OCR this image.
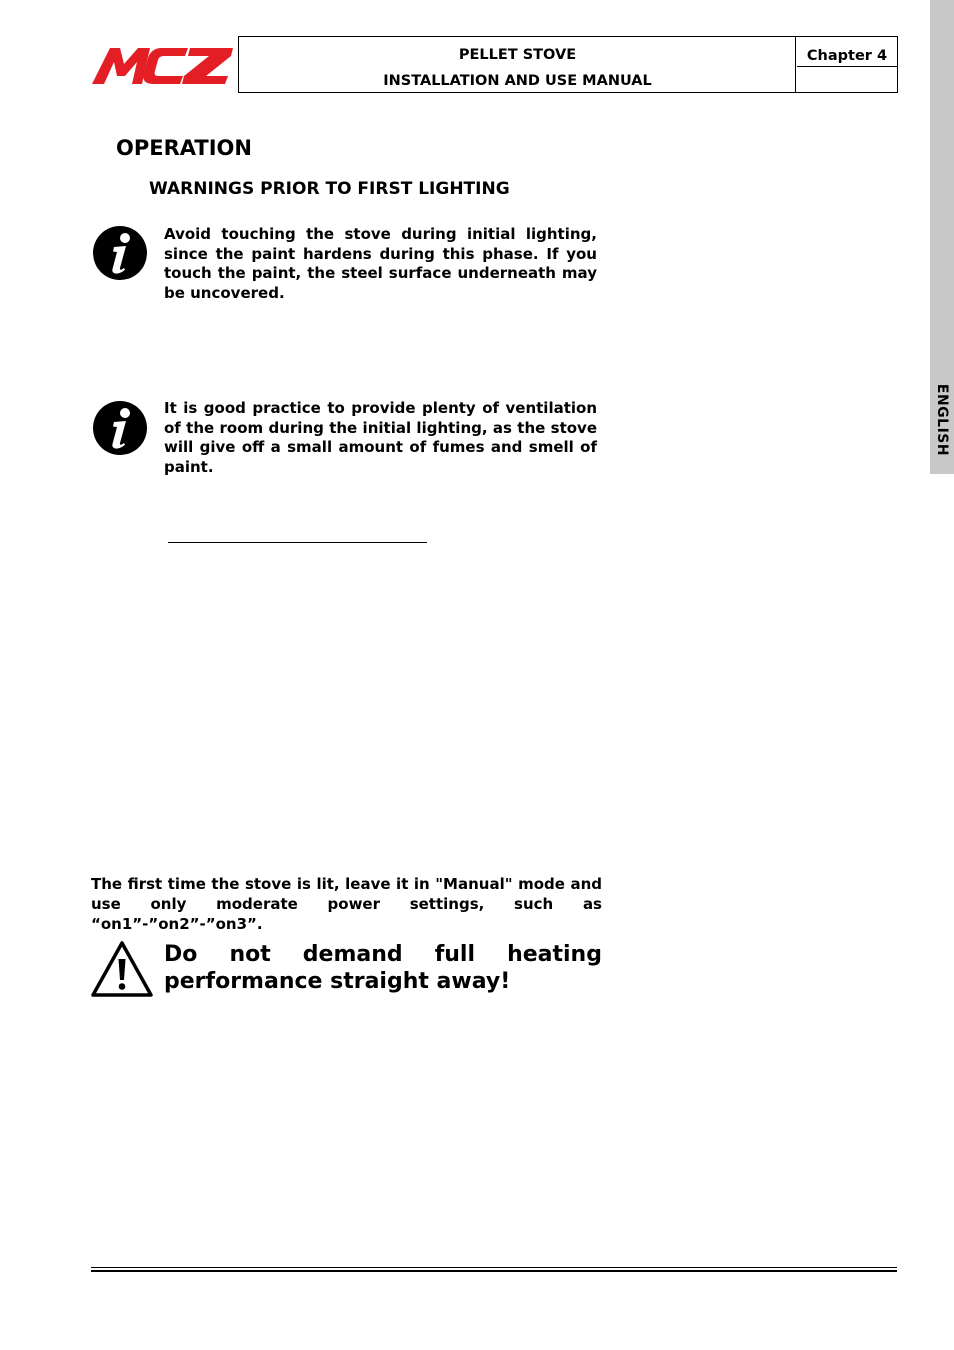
PELLET STOVE
INSTALLATION AND USE MANUAL
Chapter 4
ENGLISH
OPERATION
WARNINGS PRIOR TO FIRST LIGHTING
Avoid touching the stove during initial lighting, since the paint hardens during this phase. If you touch the paint, the steel surface underneath may be uncovered.
It is good practice to provide plenty of ventilation of the room during the initial lighting, as the stove will give off a small amount of fumes and smell of paint.
The first time the stove is lit, leave it in "Manual" mode and use only moderate power settings, such as “on1”-”on2”-”on3”.
Do not demand full heating
performance straight away!
